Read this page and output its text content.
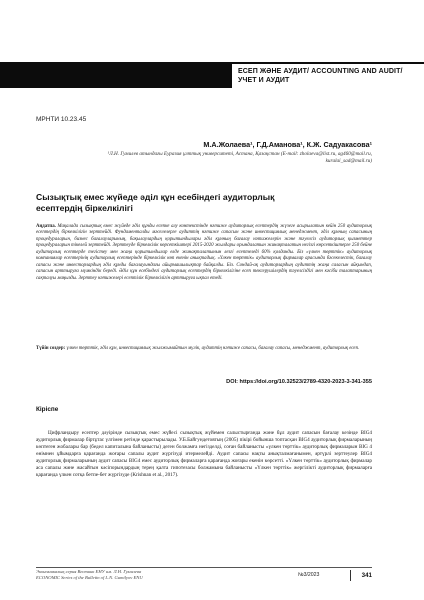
ЕСЕП ЖӘНЕ АУДИТ/ ACCOUNTING AND AUDIT/ УЧЕТ И АУДИТ
МРНТИ 10.23.45
М.А.Жолаева¹, Г.Д.Аманова¹, К.Ж. Садуакасова¹
¹Л.Н. Гумилев атындағы Еуразия ұлттық университеті, Астана, Қазақстан (E-mail: zholaeva@list.ru, ag460@mail.ru, kuralai_sad@mail.ru)
Сызықтық емес жүйеде әділ құн есебіндегі аудиторлық есептердің біркелкілігі
Аңдатпа. Мақалада сызықтық емес жүйеде әділ құнды есепке алу контекстінде нәтиже аудиторлық есептердің жүзеге асырылатын кейін 250 аудиторлық есептердің біркелкілігін зерттейді. Фундаменталды мәселелерге аудиттің нәтиже сапасын және инвестициялық менеджмент, әділ құнның сапасының процедураларын, бизнес бағалауларының, бақылаулардың қорытындылары әділ құнның бағалау нәтижелерін және тәуелсіз аудиторлық қызметтер процедураларын тікелей зерттейді. Зерттеуде біркелкілік көрсеткіштері 2015-2020 жылдары орындалатын жинақталатын негізгі көрсеткіштерге 250 бейне аудиторлық есептерде тегістеу мен жаңа қорытындылар елде жинақталатынын лезгі есептеледі 60% қолданды. Біз «үлкен төрттік» аудиторлық компаниялар есептерінің аудиторлық есептерінде біркелкілік көп екенін анықтадық. «Үлкен төрттік» аудиторлық фирмалар арасында бәсекелестік, бағалау сапасы және инвесторлардың әділ құнды бағалауындағы айырмашылықтар байқалды. Біз. Сондай-ақ аудиторлардың аудиттің жаңа саласын айқындап, сапасын арттыруға мүмкіндік береді. Әділ құн есебіндегі аудиторлық есептердің біркелкілігіне есеп тексерушілердің тәуелсіздігі мен кәсіби талаптарының сақталуы маңызды. Зерттеу нәтижелері есептілік біркелкілігін арттыруға ықпал етеді.
Түйін сөздер: үлкен төрттік, әділ құн, инвестициялық жылжымайтын мүлік, аудиттің нәтиже сапасы, бағалау сапасы, менеджмент, аудиторлық есеп.
DOI: https://doi.org/10.32523/2789-4320-2023-3-341-355
Кіріспе

Цифрландыру есептер дәуірінде сызықтық емес жүйесі сызықтық жүйемен салыстырғанда және бұл аудит сапасын бағалау кезінде BIG4 аудиторлық фирмалар біртұтас үлгімен ретінде қарастырылады. У.Б.Байгундетовтың (2005) пікірі бойынша топтасқан BIG4 аудиторлық фирмаларының көптеген жобалары бар (бедел капиталына байланысты) деген болжамға негізделді, соған байланысты «үлкен төрттік» аудиторлық фирмаларын BIG 4 өнімнен ұйымдарға қарағанда жоғары сапалы аудит жүргізуді итермелейді. Аудит сапасы нақты анықталмағанымен, әртүрлі зерттеулер BIG4 аудиторлық фирмаларының аудит сапасы BIG4 емес аудиторлық фирмаларға қарағанда жоғары екенін көрсетті. «Үлкен төрттік» аудиторлық фирмалар аса сапалы және жасайтын кәсіпорындардың терең қалта гипотезасы болжамына байланысты «Үлкен төрттік» жергілікті аудиторлық фирмаларға қарағанда үлкен сотқа бетпе-бет жүргізуде (Krishnan et al., 2017).

Экономикалық серия Вестник ЕНУ им. Л.Н. Гумилева
ECONOMIC Series of the Bulletin of L.N. Gumilyov ENU	№3/2023	341
